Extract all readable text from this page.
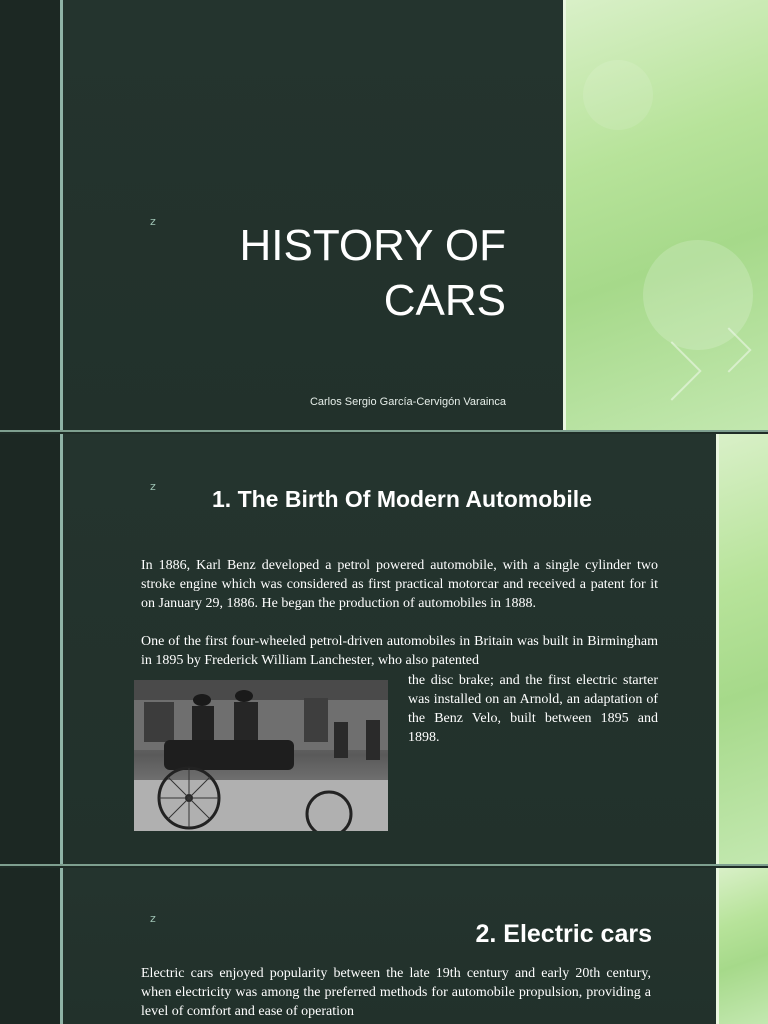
z	HISTORY OF
CARS
Carlos Sergio García-Cervigón Varainca
z 1. The Birth Of Modern Automobile

In 1886, Karl Benz developed a petrol powered automobile, with a single cylinder two stroke engine which was considered as first practical motorcar and received a patent for it on January 29, 1886. He began the production of automobiles in 1888.

One of the first four-wheeled petrol-driven automobiles in Britain was built in Birmingham in 1895 by Frederick William Lanchester, who also patented

the disc brake; and the first electric starter was installed on an Arnold, an adaptation of the Benz Velo, built between 1895 and 1898.

z
2. Electric cars

Electric cars enjoyed popularity between the late 19th century and early 20th century, when electricity was among the preferred methods for automobile propulsion, providing a level of comfort and ease of operation
